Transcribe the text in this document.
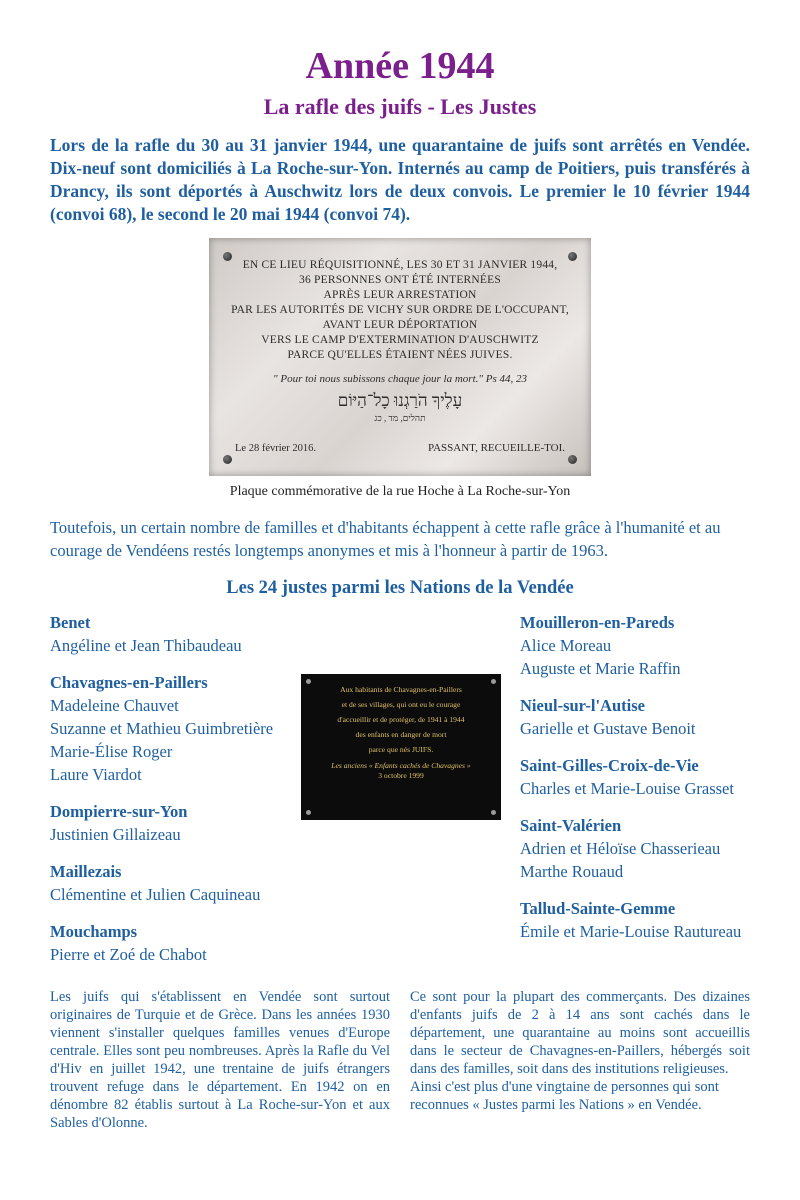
Année 1944
La rafle des juifs - Les Justes

Lors de la rafle du 30 au 31 janvier 1944, une quarantaine de juifs sont arrêtés en Vendée. Dix-neuf sont domiciliés à La Roche-sur-Yon. Internés au camp de Poitiers, puis transférés à Drancy, ils sont déportés à Auschwitz lors de deux convois. Le premier le 10 février 1944 (convoi 68), le second le 20 mai 1944 (convoi 74).

EN CE LIEU RÉQUISITIONNÉ, LES 30 ET 31 JANVIER 1944,
36 PERSONNES ONT ÉTÉ INTERNÉES
APRÈS LEUR ARRESTATION
PAR LES AUTORITÉS DE VICHY SUR ORDRE DE L'OCCUPANT,
AVANT LEUR DÉPORTATION
VERS LE CAMP D'EXTERMINATION D'AUSCHWITZ
PARCE QU'ELLES ÉTAIENT NÉES JUIVES.
" Pour toi nous subissons chaque jour la mort." Ps 44, 23
עָלֶיךָ הֹרַגְנוּ כָל־הַיּוֹם
תהלים, מד , כג
Le 28 février 2016.	PASSANT, RECUEILLE-TOI.

Plaque commémorative de la rue Hoche à La Roche-sur-Yon

Toutefois, un certain nombre de familles et d'habitants échappent à cette rafle grâce à l'humanité et au courage de Vendéens restés longtemps anonymes et mis à l'honneur à partir de 1963.

Les 24 justes parmi les Nations de la Vendée
Benet
Angéline et Jean Thibaudeau
Chavagnes-en-Paillers
Madeleine Chauvet
Suzanne et Mathieu Guimbretière
Marie-Élise Roger
Laure Viardot
Dompierre-sur-Yon
Justinien Gillaizeau
Maillezais
Clémentine et Julien Caquineau
Mouchamps
Pierre et Zoé de Chabot
Aux habitants de Chavagnes-en-Paillers
et de ses villages, qui ont eu le courage
d'accueillir et de protéger, de 1941 à 1944
des enfants en danger de mort
parce que nés JUIFS.
Les anciens « Enfants cachés de Chavagnes »
3 octobre 1999
Mouilleron-en-Pareds
Alice Moreau
Auguste et Marie Raffin
Nieul-sur-l'Autise
Garielle et Gustave Benoit
Saint-Gilles-Croix-de-Vie
Charles et Marie-Louise Grasset
Saint-Valérien
Adrien et Héloïse Chasserieau
Marthe Rouaud
Tallud-Sainte-Gemme
Émile et Marie-Louise Rautureau

Les juifs qui s'établissent en Vendée sont surtout originaires de Turquie et de Grèce. Dans les années 1930 viennent s'installer quelques familles venues d'Europe centrale. Elles sont peu nombreuses. Après la Rafle du Vel d'Hiv en juillet 1942, une trentaine de juifs étrangers trouvent refuge dans le département. En 1942 on en dénombre 82 établis surtout à La Roche-sur-Yon et aux Sables d'Olonne.

Ce sont pour la plupart des commerçants. Des dizaines d'enfants juifs de 2 à 14 ans sont cachés dans le département, une quarantaine au moins sont accueillis dans le secteur de Chavagnes-en-Paillers, hébergés soit dans des familles, soit dans des institutions religieuses.
Ainsi c'est plus d'une vingtaine de personnes qui sont reconnues « Justes parmi les Nations » en Vendée.
